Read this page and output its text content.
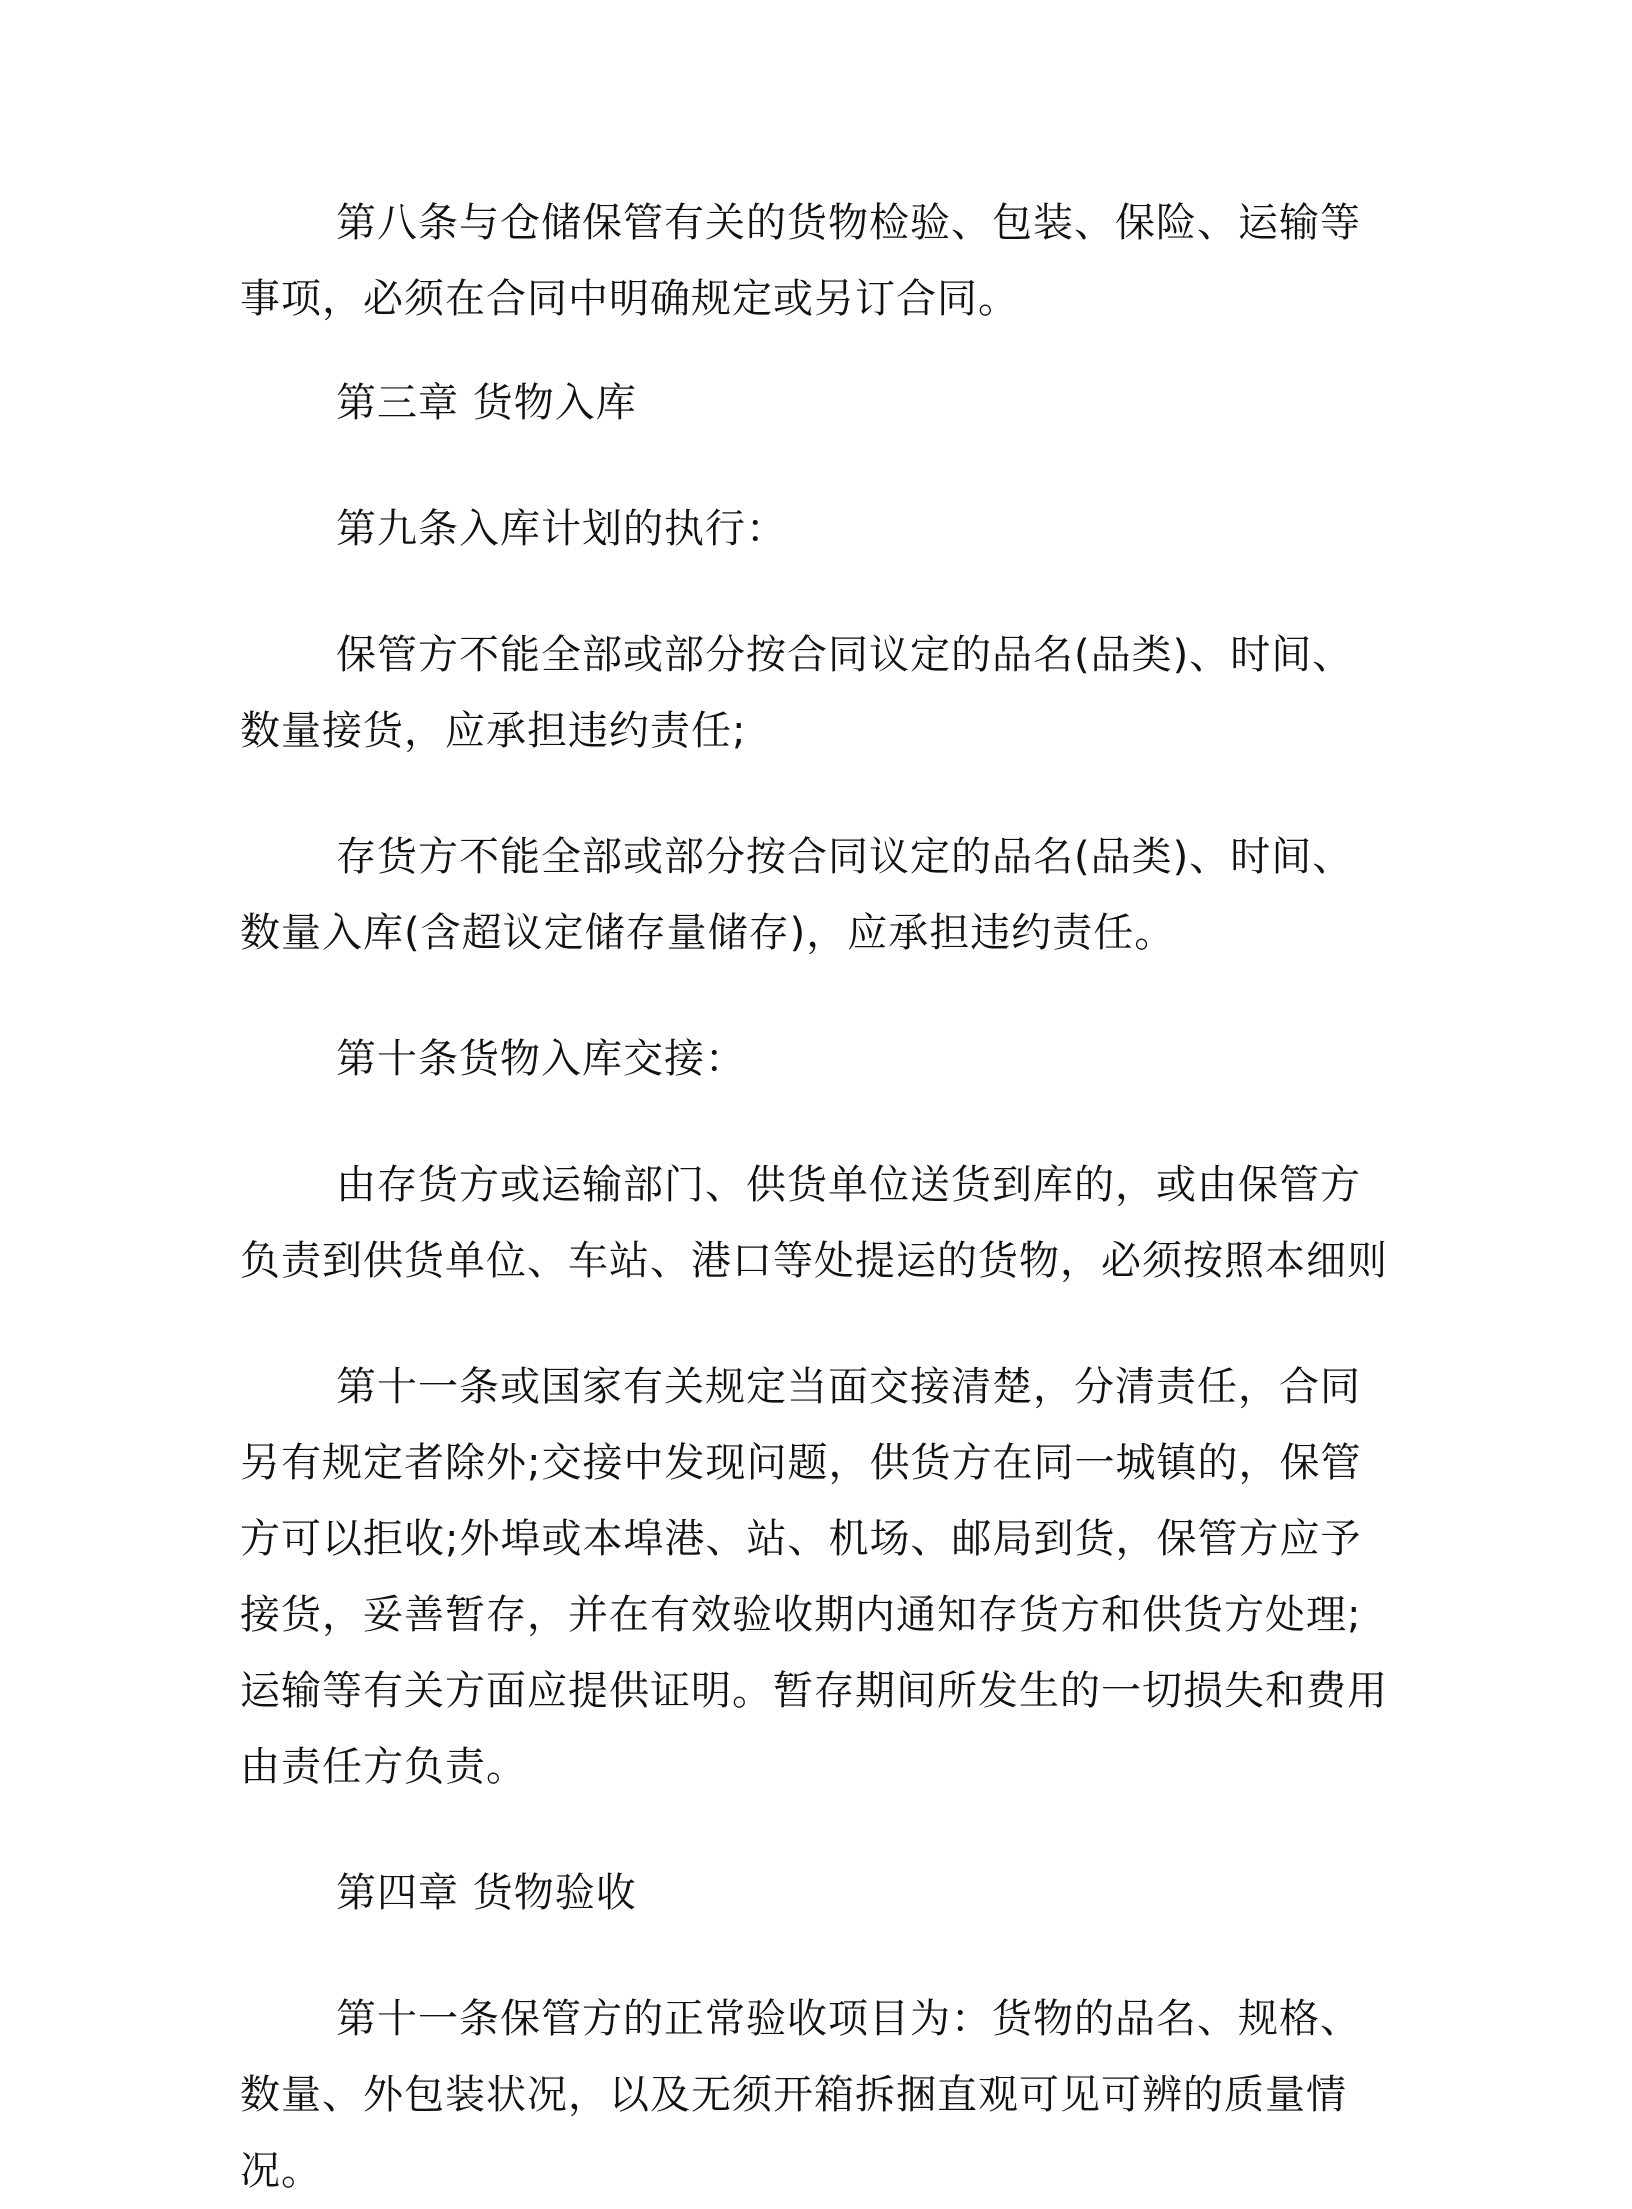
第八条与仓储保管有关的货物检验、包装、保险、运输等事项，必须在合同中明确规定或另订合同。

第三章 货物入库

第九条入库计划的执行：

保管方不能全部或部分按合同议定的品名(品类)、时间、数量接货，应承担违约责任;

存货方不能全部或部分按合同议定的品名(品类)、时间、数量入库(含超议定储存量储存)，应承担违约责任。

第十条货物入库交接：

由存货方或运输部门、供货单位送货到库的，或由保管方负责到供货单位、车站、港口等处提运的货物，必须按照本细则

第十一条或国家有关规定当面交接清楚，分清责任，合同另有规定者除外;交接中发现问题，供货方在同一城镇的，保管方可以拒收;外埠或本埠港、站、机场、邮局到货，保管方应予接货，妥善暂存，并在有效验收期内通知存货方和供货方处理;运输等有关方面应提供证明。暂存期间所发生的一切损失和费用由责任方负责。

第四章 货物验收

第十一条保管方的正常验收项目为：货物的品名、规格、数量、外包装状况，以及无须开箱拆捆直观可见可辨的质量情况。
